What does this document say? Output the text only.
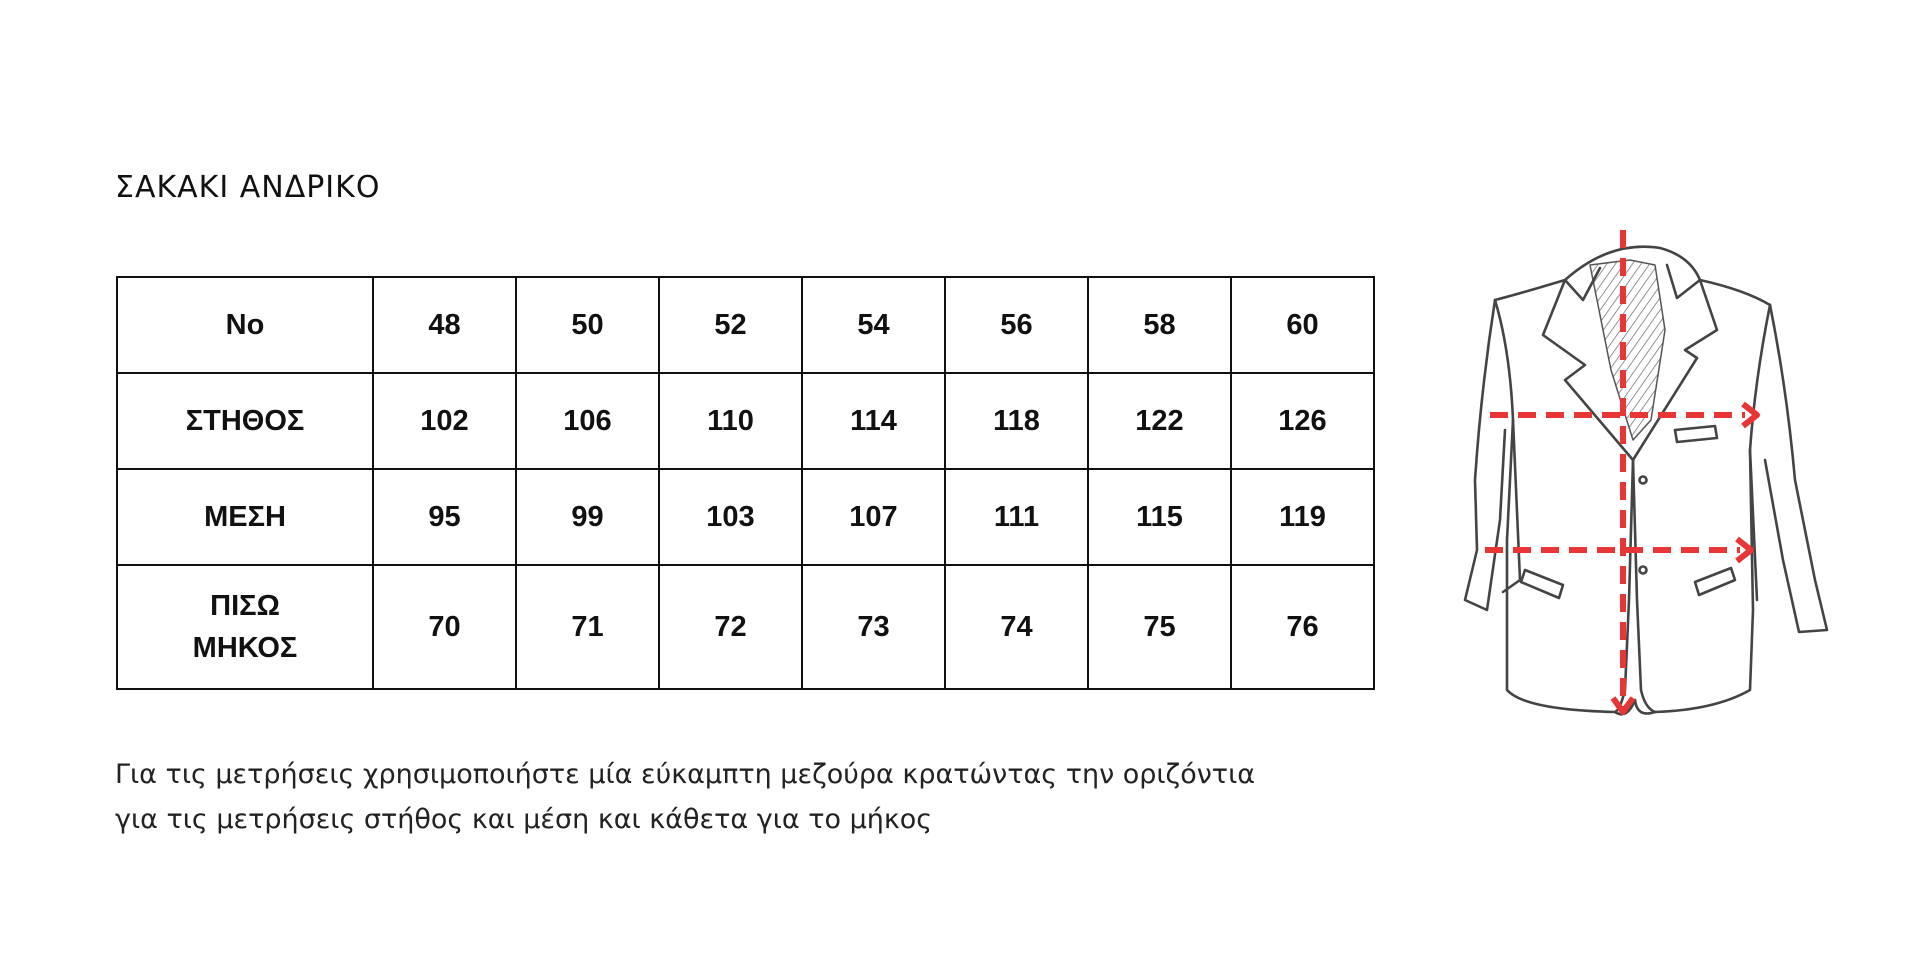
ΣΑΚΑΚΙ ΑΝΔΡΙΚΟ
No	48	50	52	54	56	58	60
ΣΤΗΘΟΣ	102	106	110	114	118	122	126
ΜΕΣΗ	95	99	103	107	111	115	119
ΠΙΣΩ
ΜΗΚΟΣ	70	71	72	73	74	75	76
Για τις μετρήσεις χρησιμοποιήστε μία εύκαμπτη μεζούρα κρατώντας την οριζόντια
για τις μετρήσεις στήθος και μέση και κάθετα για το μήκος
